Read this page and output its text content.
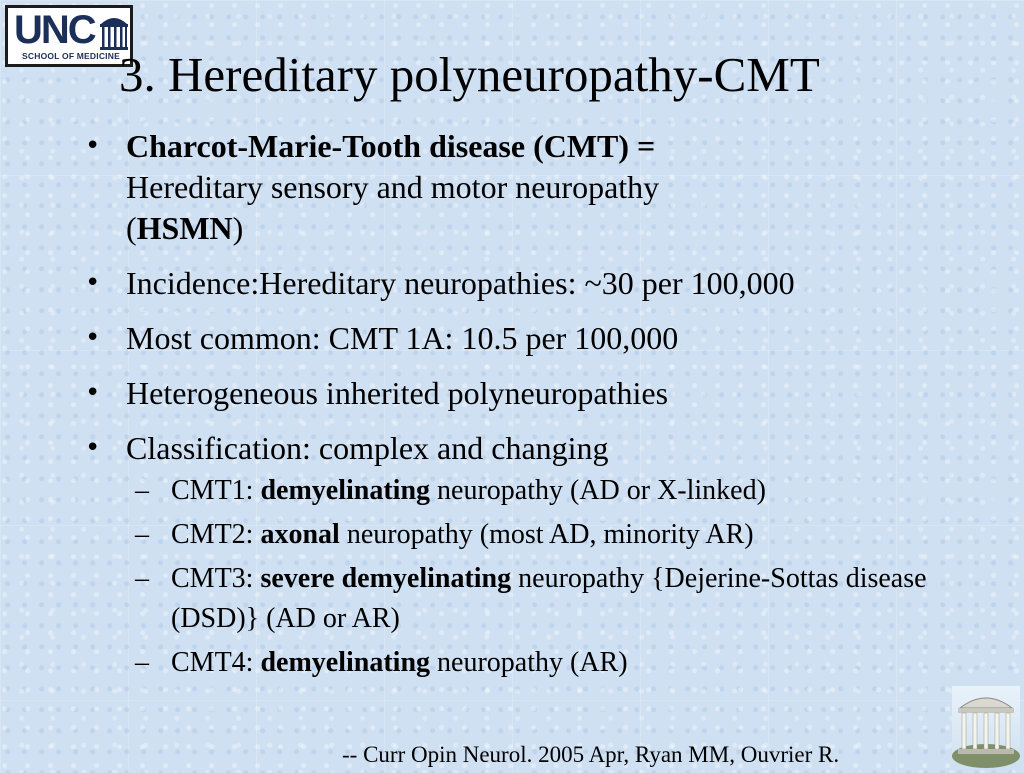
UNC
SCHOOL OF MEDICINE 3. Hereditary polyneuropathy-CMT
• Charcot-Marie-Tooth disease (CMT) =
Hereditary sensory and motor neuropathy
(HSMN)
• Incidence:Hereditary neuropathies: ~30 per 100,000
• Most common: CMT 1A: 10.5 per 100,000
• Heterogeneous inherited polyneuropathies
• Classification: complex and changing
– CMT1: demyelinating neuropathy (AD or X-linked)
– CMT2: axonal neuropathy (most AD, minority AR)
– CMT3: severe demyelinating neuropathy {Dejerine-Sottas disease (DSD)} (AD or AR)
– CMT4: demyelinating neuropathy (AR)

-- Curr Opin Neurol. 2005 Apr, Ryan MM, Ouvrier R.
